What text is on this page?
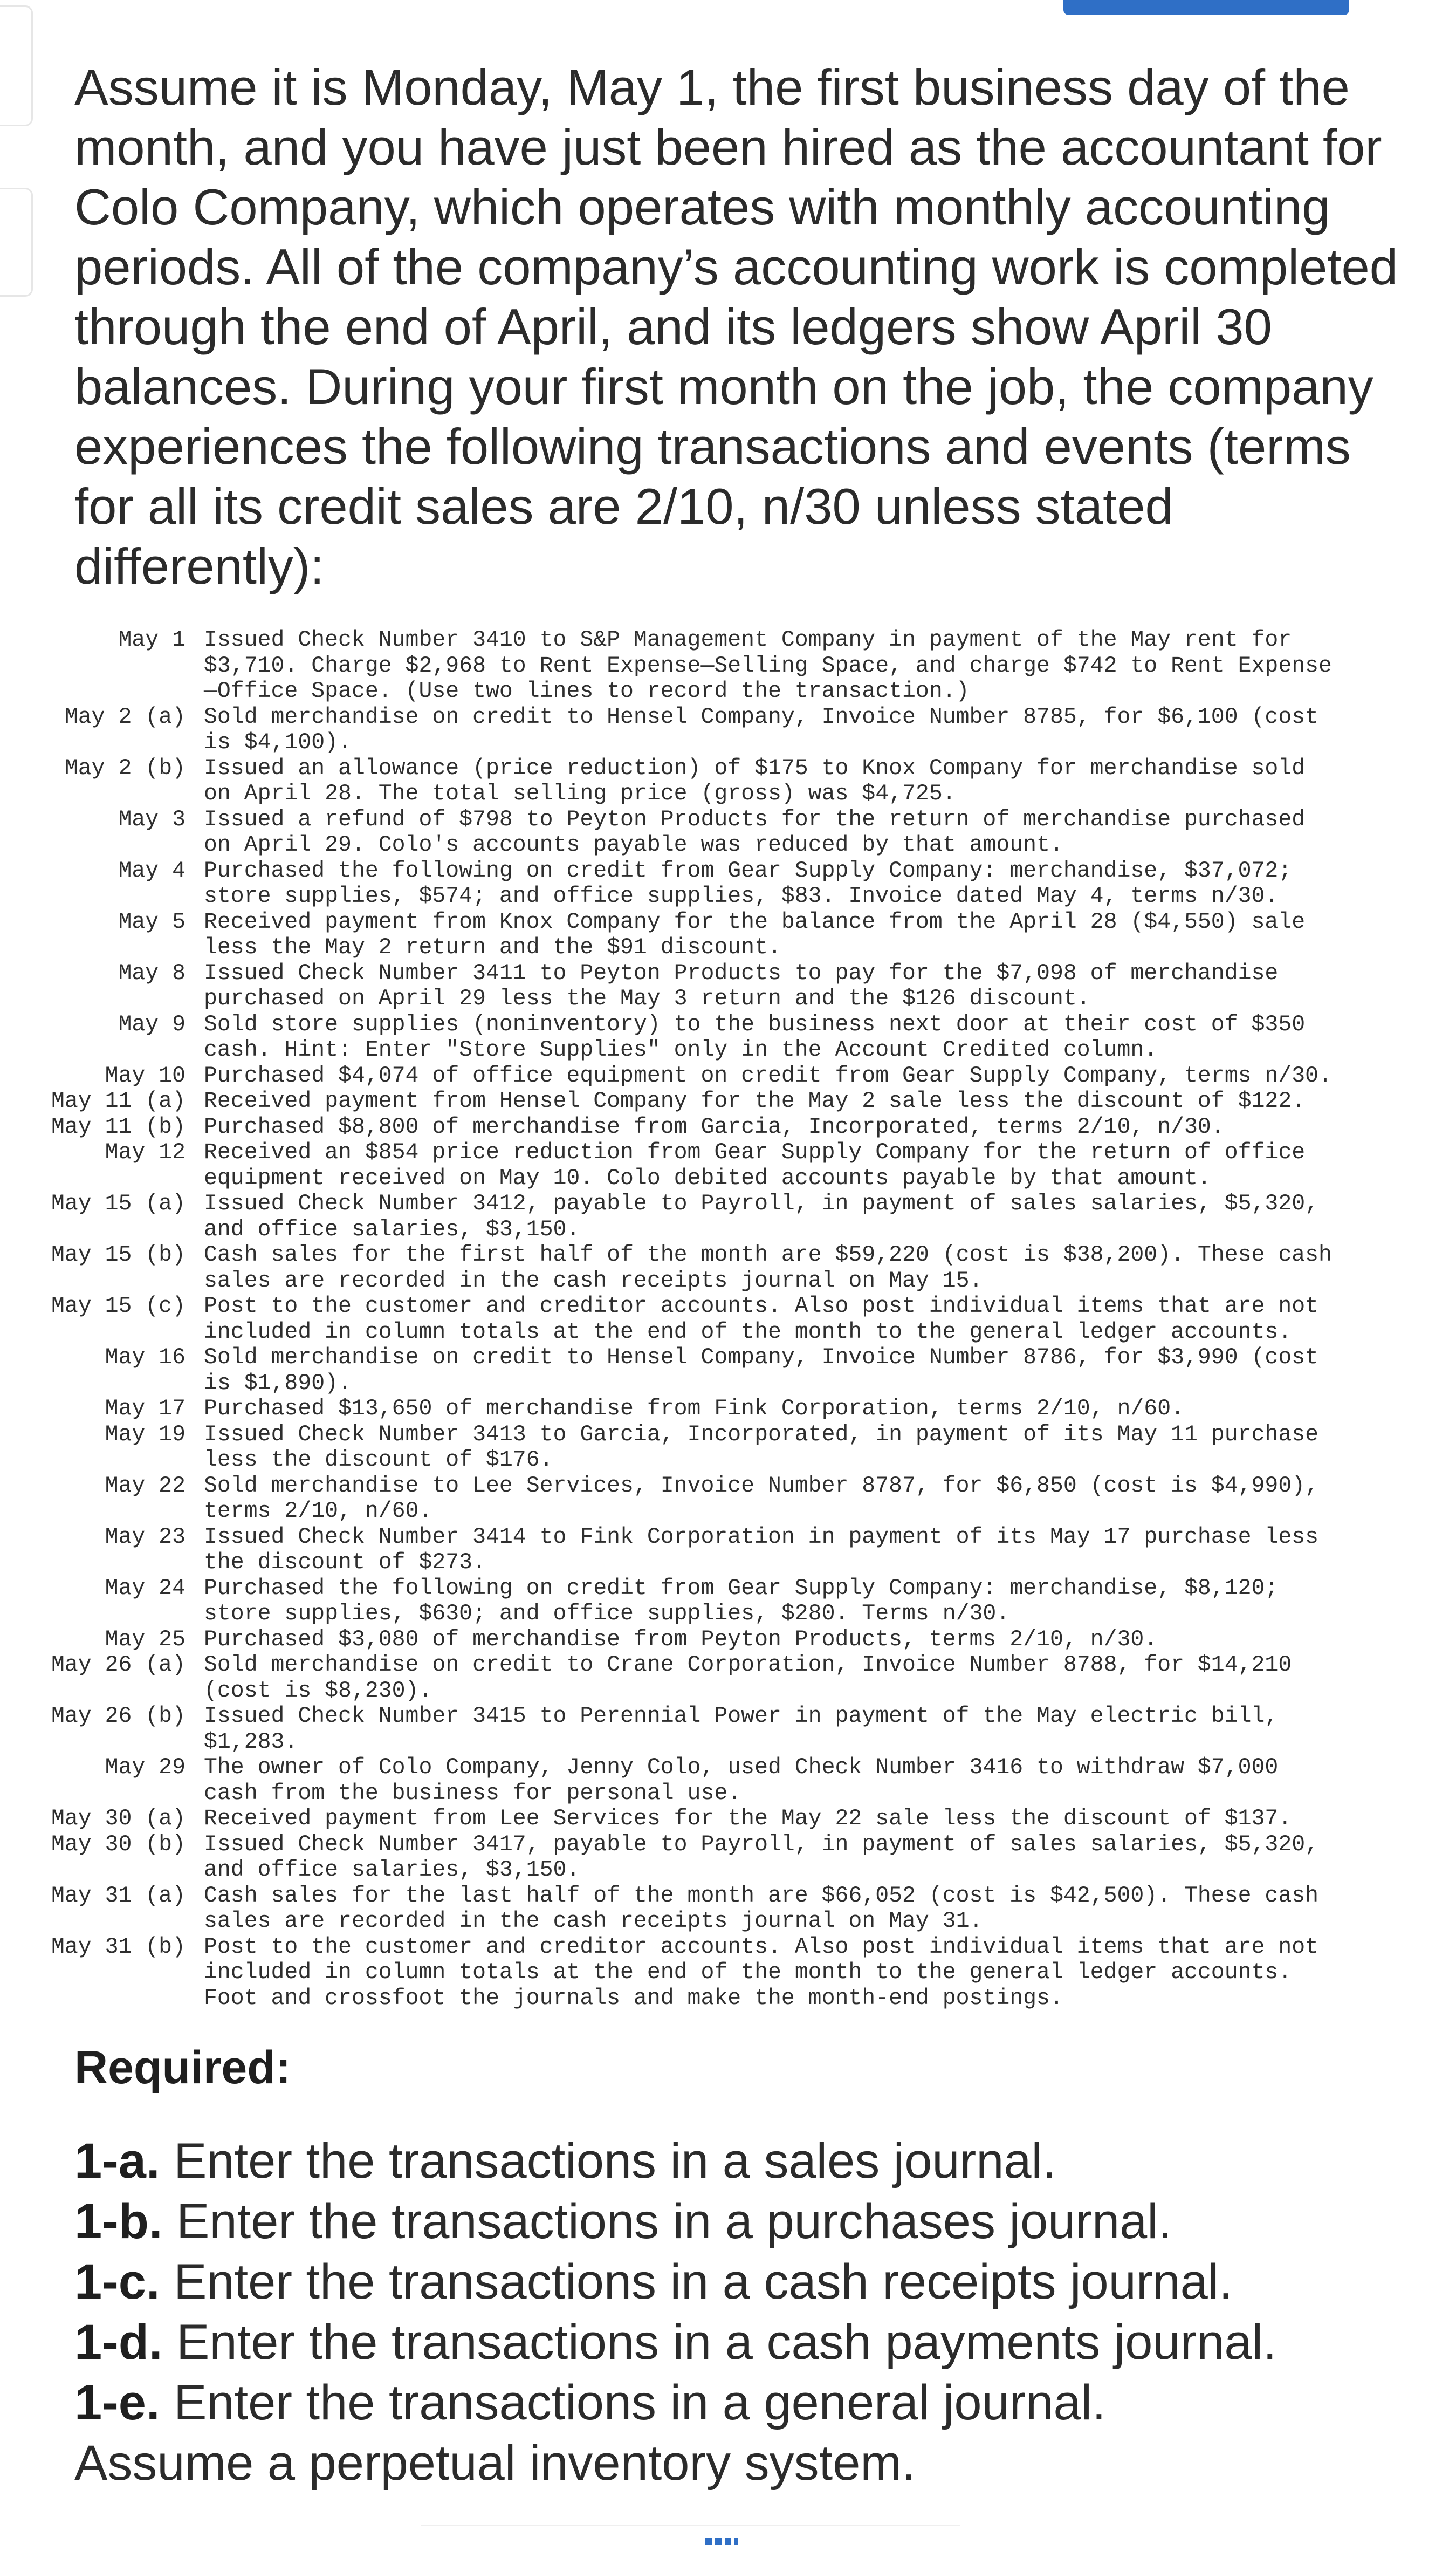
Assume it is Monday, May 1, the first business day of the month, and you have just been hired as the accountant for Colo Company, which operates with monthly accounting periods. All of the company’s accounting work is completed through the end of April, and its ledgers show April 30 balances. During your first month on the job, the company experiences the following transactions and events (terms for all its credit sales are 2/10, n/30 unless stated differently):

May 1 Issued Check Number 3410 to S&P Management Company in payment of the May rent for $3,710. Charge $2,968 to Rent Expense—Selling Space, and charge $742 to Rent Expense—Office Space. (Use two lines to record the transaction.)
May 2 (a) Sold merchandise on credit to Hensel Company, Invoice Number 8785, for $6,100 (cost is $4,100).
May 2 (b) Issued an allowance (price reduction) of $175 to Knox Company for merchandise sold on April 28. The total selling price (gross) was $4,725.
May 3 Issued a refund of $798 to Peyton Products for the return of merchandise purchased on April 29. Colo's accounts payable was reduced by that amount.
May 4 Purchased the following on credit from Gear Supply Company: merchandise, $37,072; store supplies, $574; and office supplies, $83. Invoice dated May 4, terms n/30.
May 5 Received payment from Knox Company for the balance from the April 28 ($4,550) sale less the May 2 return and the $91 discount.
May 8 Issued Check Number 3411 to Peyton Products to pay for the $7,098 of merchandise purchased on April 29 less the May 3 return and the $126 discount.
May 9 Sold store supplies (noninventory) to the business next door at their cost of $350 cash. Hint: Enter "Store Supplies" only in the Account Credited column.
May 10 Purchased $4,074 of office equipment on credit from Gear Supply Company, terms n/30.
May 11 (a) Received payment from Hensel Company for the May 2 sale less the discount of $122.
May 11 (b) Purchased $8,800 of merchandise from Garcia, Incorporated, terms 2/10, n/30.
May 12 Received an $854 price reduction from Gear Supply Company for the return of office equipment received on May 10. Colo debited accounts payable by that amount.
May 15 (a) Issued Check Number 3412, payable to Payroll, in payment of sales salaries, $5,320, and office salaries, $3,150.
May 15 (b) Cash sales for the first half of the month are $59,220 (cost is $38,200). These cash sales are recorded in the cash receipts journal on May 15.
May 15 (c) Post to the customer and creditor accounts. Also post individual items that are not included in column totals at the end of the month to the general ledger accounts.
May 16 Sold merchandise on credit to Hensel Company, Invoice Number 8786, for $3,990 (cost is $1,890).
May 17 Purchased $13,650 of merchandise from Fink Corporation, terms 2/10, n/60.
May 19 Issued Check Number 3413 to Garcia, Incorporated, in payment of its May 11 purchase less the discount of $176.
May 22 Sold merchandise to Lee Services, Invoice Number 8787, for $6,850 (cost is $4,990), terms 2/10, n/60.
May 23 Issued Check Number 3414 to Fink Corporation in payment of its May 17 purchase less the discount of $273.
May 24 Purchased the following on credit from Gear Supply Company: merchandise, $8,120; store supplies, $630; and office supplies, $280. Terms n/30.
May 25 Purchased $3,080 of merchandise from Peyton Products, terms 2/10, n/30.
May 26 (a) Sold merchandise on credit to Crane Corporation, Invoice Number 8788, for $14,210 (cost is $8,230).
May 26 (b) Issued Check Number 3415 to Perennial Power in payment of the May electric bill, $1,283.
May 29 The owner of Colo Company, Jenny Colo, used Check Number 3416 to withdraw $7,000 cash from the business for personal use.
May 30 (a) Received payment from Lee Services for the May 22 sale less the discount of $137.
May 30 (b) Issued Check Number 3417, payable to Payroll, in payment of sales salaries, $5,320, and office salaries, $3,150.
May 31 (a) Cash sales for the last half of the month are $66,052 (cost is $42,500). These cash sales are recorded in the cash receipts journal on May 31.
May 31 (b) Post to the customer and creditor accounts. Also post individual items that are not included in column totals at the end of the month to the general ledger accounts. Foot and crossfoot the journals and make the month-end postings.
Required:
1-a. Enter the transactions in a sales journal.
1-b. Enter the transactions in a purchases journal.
1-c. Enter the transactions in a cash receipts journal.
1-d. Enter the transactions in a cash payments journal.
1-e. Enter the transactions in a general journal.
Assume a perpetual inventory system.
